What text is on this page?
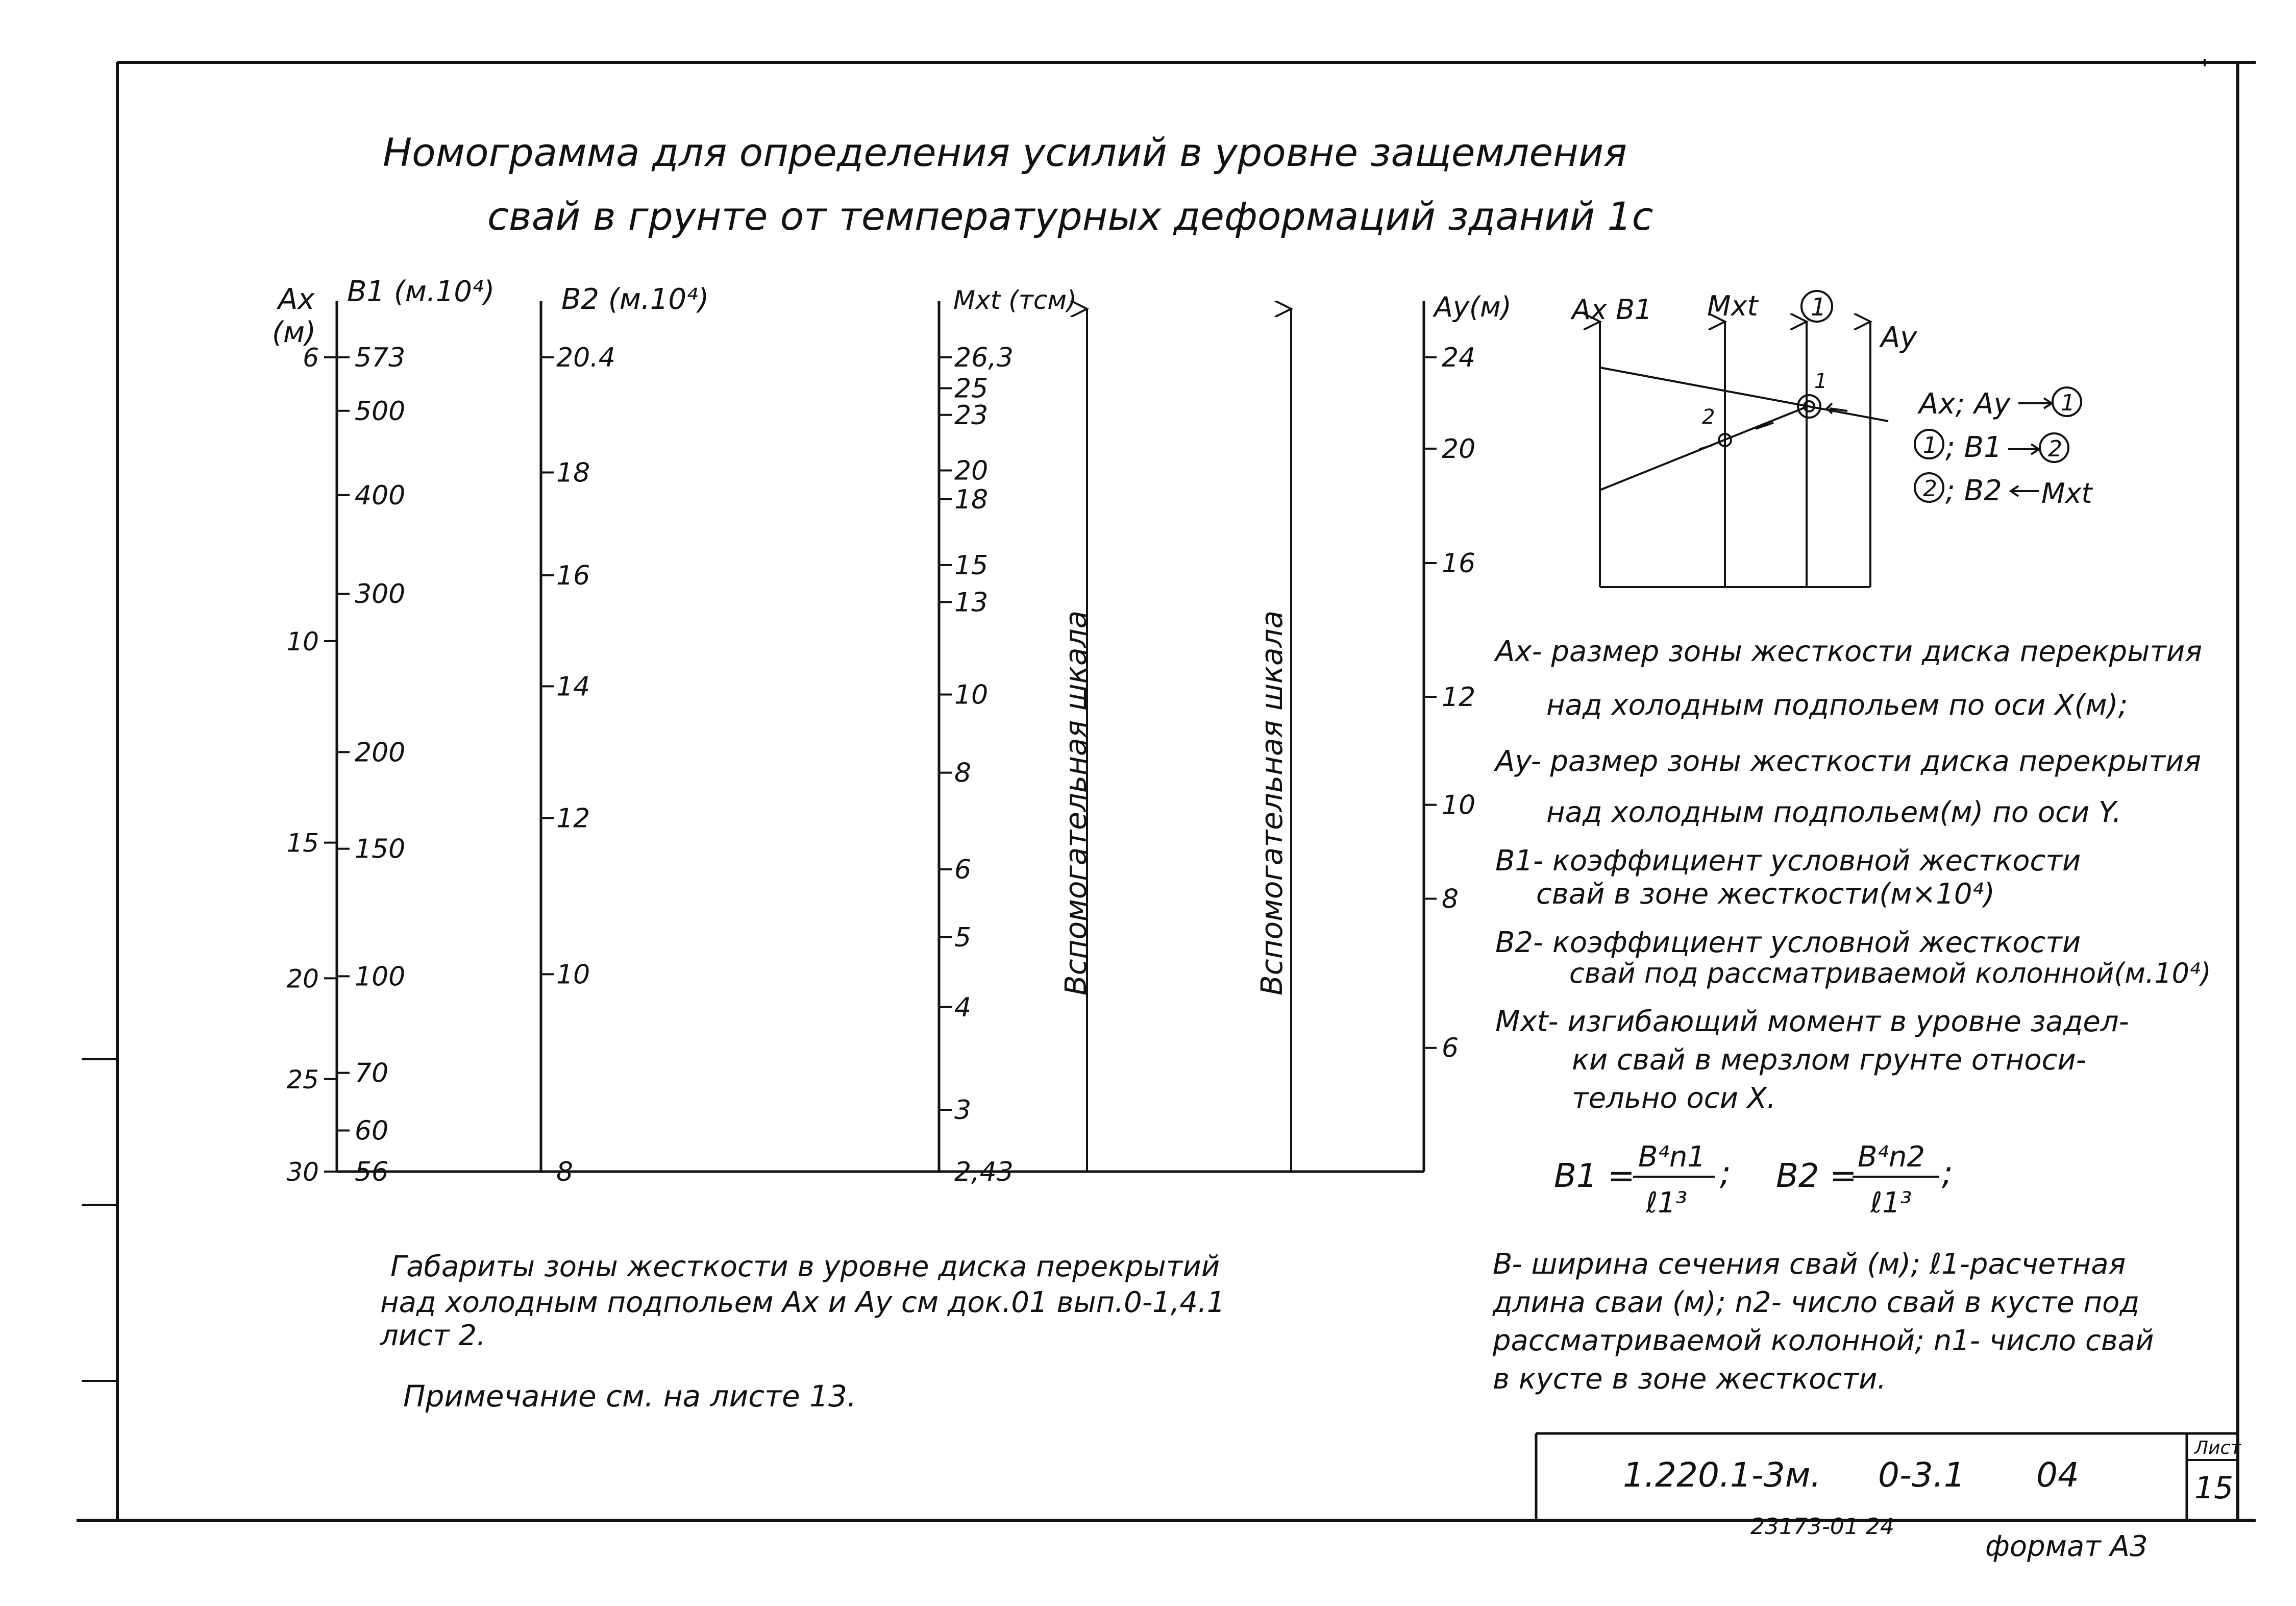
Номограмма для определения усилий в уровне защемления
свай в грунте от температурных деформаций зданий 1с
Ax
(м)
B1 (м.10⁴) B2 (м.10⁴)	Mxt (тсм)	Ay(м)
6
10
15
20
25
30
573
500
400
300
200
150
100
70
60
56
20.4
18
16
14
12
10
8
26,3
25
23
20
18
15
13
10
8
6
5
4
3
2,43
24
20
16
12
10
8
6
Вспомогательная шкала	Вспомогательная шкала
Ax B1 Mxt 1
Ay
1
2	Ax; Ay 1
1 ; B1 2
2 ; B2 Mxt
Ax- размер зоны жесткости диска перекрытия
над холодным подпольем по оси X(м);
Ay- размер зоны жесткости диска перекрытия
над холодным подпольем(м) по оси Y.
B1- коэффициент условной жесткости
свай в зоне жесткости(м×10⁴)
B2- коэффициент условной жесткости
свай под рассматриваемой колонной(м.10⁴)
Mxt- изгибающий момент в уровне задел-
ки свай в мерзлом грунте относи-
тельно оси X.
B1 =
B⁴n1
ℓ1³
; B2 =
B⁴n2
ℓ1³
;
B- ширина сечения свай (м); ℓ1-расчетная
длина сваи (м); n2- число свай в кусте под
рассматриваемой колонной; n1- число свай
в кусте в зоне жесткости.
Габариты зоны жесткости в уровне диска перекрытий
над холодным подпольем Ax и Ay см док.01 вып.0-1,4.1
лист 2.
Примечание см. на листе 13.
1.220.1-3м. 0-3.1 04
Лист
15
23173-01 24
формат А3
